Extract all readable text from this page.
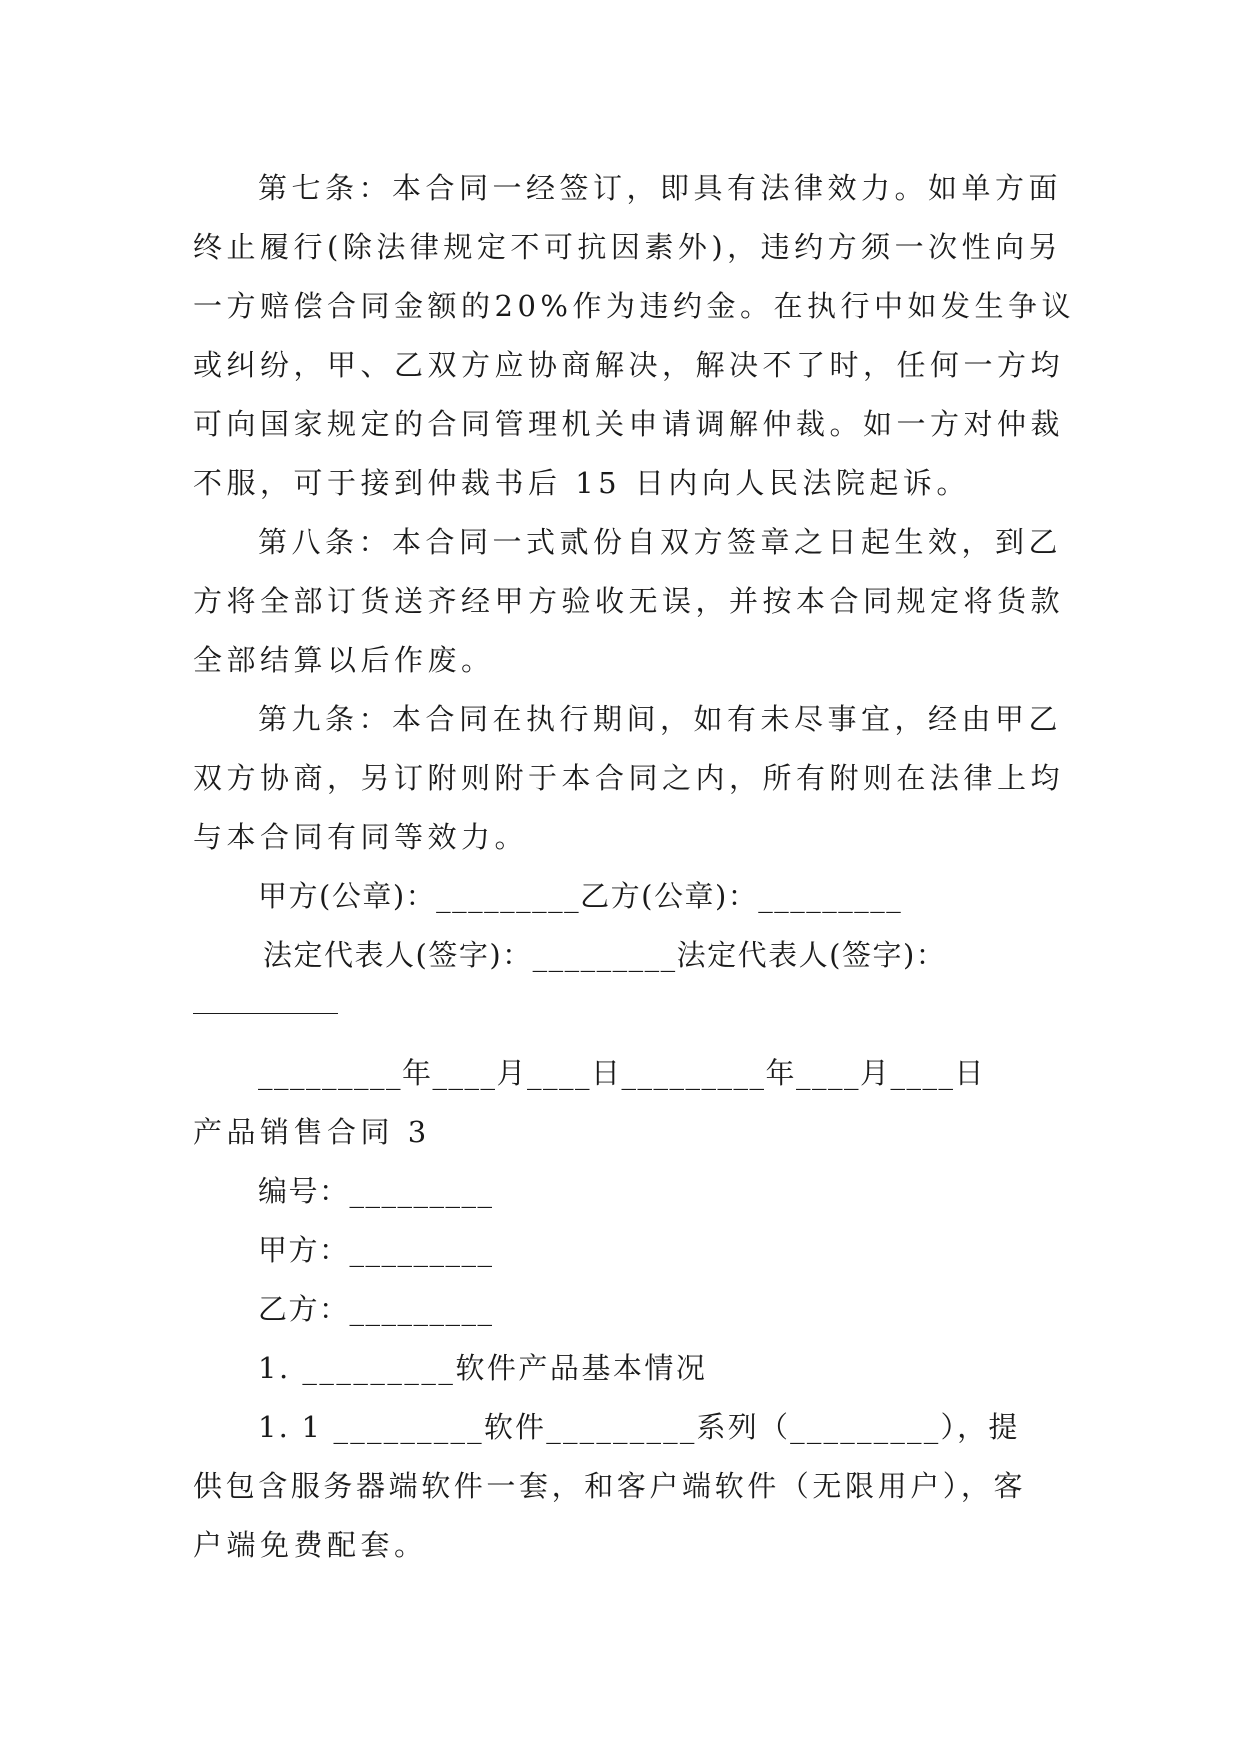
第七条：本合同一经签订，即具有法律效力。如单方面
终止履行(除法律规定不可抗因素外)，违约方须一次性向另
一方赔偿合同金额的20%作为违约金。在执行中如发生争议
或纠纷，甲、乙双方应协商解决，解决不了时，任何一方均
可向国家规定的合同管理机关申请调解仲裁。如一方对仲裁
不服，可于接到仲裁书后 15 日内向人民法院起诉。
第八条：本合同一式贰份自双方签章之日起生效，到乙
方将全部订货送齐经甲方验收无误，并按本合同规定将货款
全部结算以后作废。
第九条：本合同在执行期间，如有未尽事宜，经由甲乙
双方协商，另订附则附于本合同之内，所有附则在法律上均
与本合同有同等效力。
甲方(公章)：_________乙方(公章)：_________
法定代表人(签字)：_________法定代表人(签字)：
_________年____月____日_________年____月____日
产品销售合同 3
编号：_________
甲方：_________
乙方：_________
1. _________软件产品基本情况
1. 1 _________软件_________系列（_________），提
供包含服务器端软件一套，和客户端软件（无限用户），客
户端免费配套。
